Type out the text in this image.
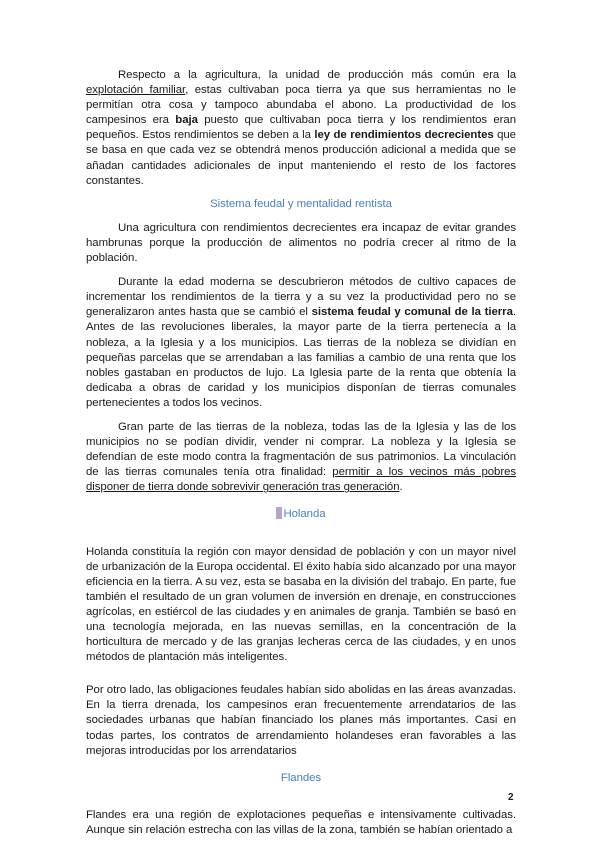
Respecto a la agricultura, la unidad de producción más común era la explotación familiar, estas cultivaban poca tierra ya que sus herramientas no le permitían otra cosa y tampoco abundaba el abono. La productividad de los campesinos era baja puesto que cultivaban poca tierra y los rendimientos eran pequeños. Estos rendimientos se deben a la ley de rendimientos decrecientes que se basa en que cada vez se obtendrá menos producción adicional a medida que se añadan cantidades adicionales de input manteniendo el resto de los factores constantes.

Sistema feudal y mentalidad rentista

Una agricultura con rendimientos decrecientes era incapaz de evitar grandes hambrunas porque la producción de alimentos no podría crecer al ritmo de la población.

Durante la edad moderna se descubrieron métodos de cultivo capaces de incrementar los rendimientos de la tierra y a su vez la productividad pero no se generalizaron antes hasta que se cambió el sistema feudal y comunal de la tierra. Antes de las revoluciones liberales, la mayor parte de la tierra pertenecía a la nobleza, a la Iglesia y a los municipios. Las tierras de la nobleza se dividían en pequeñas parcelas que se arrendaban a las familias a cambio de una renta que los nobles gastaban en productos de lujo. La Iglesia parte de la renta que obtenía la dedicaba a obras de caridad y los municipios disponían de tierras comunales pertenecientes a todos los vecinos.

Gran parte de las tierras de la nobleza, todas las de la Iglesia y las de los municipios no se podían dividir, vender ni comprar. La nobleza y la Iglesia se defendían de este modo contra la fragmentación de sus patrimonios. La vinculación de las tierras comunales tenía otra finalidad: permitir a los vecinos más pobres disponer de tierra donde sobrevivir generación tras generación.

Holanda

Holanda constituía la región con mayor densidad de población y con un mayor nivel de urbanización de la Europa occidental. El éxito había sido alcanzado por una mayor eficiencia en la tierra. A su vez, esta se basaba en la división del trabajo. En parte, fue también el resultado de un gran volumen de inversión en drenaje, en construcciones agrícolas, en estiércol de las ciudades y en animales de granja. También se basó en una tecnología mejorada, en las nuevas semillas, en la concentración de la horticultura de mercado y de las granjas lecheras cerca de las ciudades, y en unos métodos de plantación más inteligentes.

Por otro lado, las obligaciones feudales habían sido abolidas en las áreas avanzadas. En la tierra drenada, los campesinos eran frecuentemente arrendatarios de las sociedades urbanas que habían financiado los planes más importantes. Casi en todas partes, los contratos de arrendamiento holandeses eran favorables a las mejoras introducidas por los arrendatarios

Flandes

Flandes era una región de explotaciones pequeñas e intensivamente cultivadas. Aunque sin relación estrecha con las villas de la zona, también se habían orientado a

2
